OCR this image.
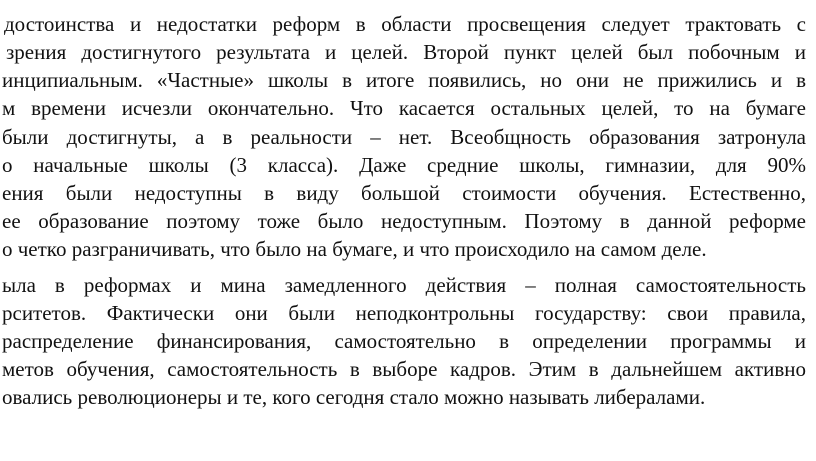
достоинства и недостатки реформ в области просвещения следует трактовать с
зрения достигнутого результата и целей. Второй пункт целей был побочным и
инципиальным. «Частные» школы в итоге появились, но они не прижились и в
м времени исчезли окончательно. Что касается остальных целей, то на бумаге
были достигнуты, а в реальности – нет. Всеобщность образования затронула
о начальные школы (3 класса). Даже средние школы, гимназии, для 90%
ения были недоступны в виду большой стоимости обучения. Естественно,
ее образование поэтому тоже было недоступным. Поэтому в данной реформе
о четко разграничивать, что было на бумаге, и что происходило на самом деле.
ыла в реформах и мина замедленного действия – полная самостоятельность
рситетов. Фактически они были неподконтрольны государству: свои правила,
распределение финансирования, самостоятельно в определении программы и
метов обучения, самостоятельность в выборе кадров. Этим в дальнейшем активно
овались революционеры и те, кого сегодня стало можно называть либералами.
